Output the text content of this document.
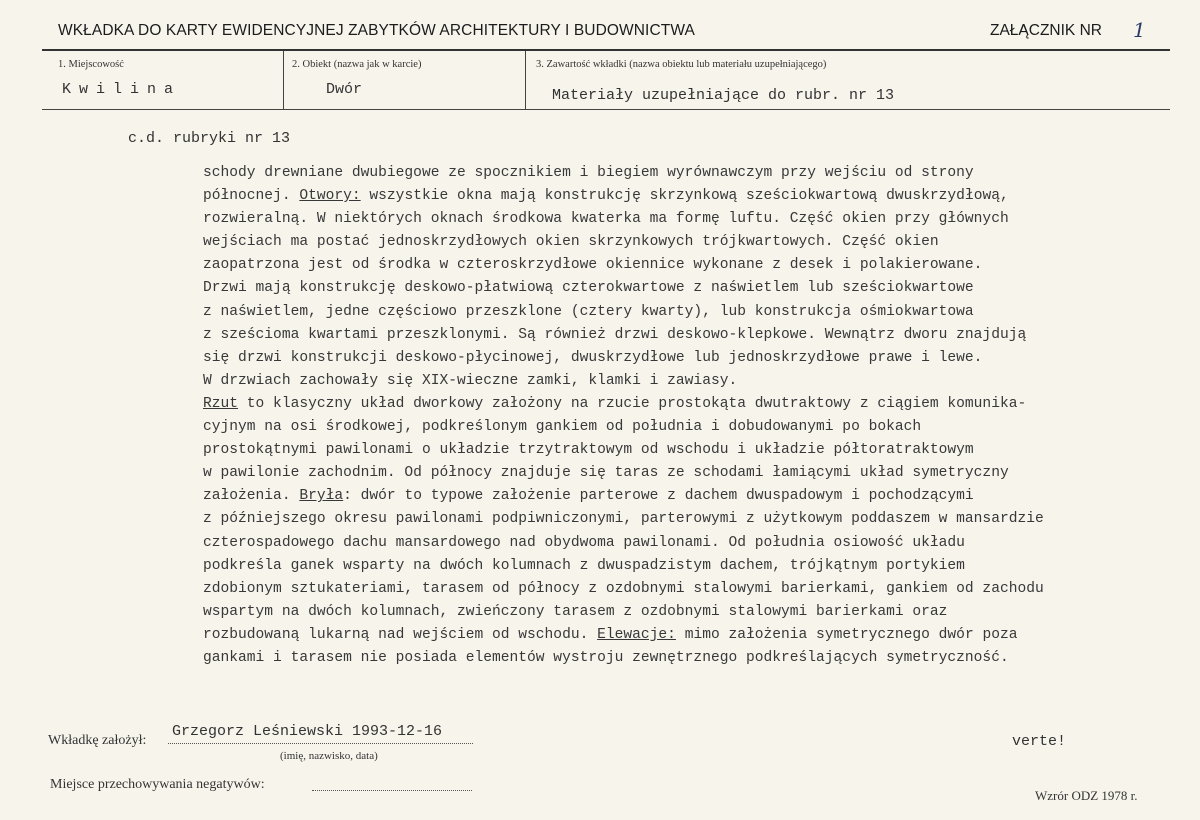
WKŁADKA DO KARTY EWIDENCYJNEJ ZABYTKÓW ARCHITEKTURY I BUDOWNICTWA	ZAŁĄCZNIK NR 1
1. Miejscowość
Kwilina
2. Obiekt (nazwa jak w karcie)
Dwór
3. Zawartość wkładki (nazwa obiektu lub materiału uzupełniającego)
Materiały uzupełniające do rubr. nr 13
c.d. rubryki nr 13
schody drewniane dwubiegowe ze spocznikiem i biegiem wyrównawczym przy wejściu od strony
północnej. Otwory: wszystkie okna mają konstrukcję skrzynkową sześciokwartową dwuskrzydłową,
rozwieralną. W niektórych oknach środkowa kwaterka ma formę luftu. Część okien przy głównych
wejściach ma postać jednoskrzydłowych okien skrzynkowych trójkwartowych. Część okien
zaopatrzona jest od środka w czteroskrzydłowe okiennice wykonane z desek i polakierowane.
Drzwi mają konstrukcję deskowo-płatwiową czterokwartowe z naświetlem lub sześciokwartowe
z naświetlem, jedne częściowo przeszklone (cztery kwarty), lub konstrukcja ośmiokwartowa
z sześcioma kwartami przeszklonymi. Są również drzwi deskowo-klepkowe. Wewnątrz dworu znajdują
się drzwi konstrukcji deskowo-płycinowej, dwuskrzydłowe lub jednoskrzydłowe prawe i lewe.
W drzwiach zachowały się XIX-wieczne zamki, klamki i zawiasy.
Rzut to klasyczny układ dworkowy założony na rzucie prostokąta dwutraktowy z ciągiem komunika-
cyjnym na osi środkowej, podkreślonym gankiem od południa i dobudowanymi po bokach
prostokątnymi pawilonami o układzie trzytraktowym od wschodu i układzie półtoratraktowym
w pawilonie zachodnim. Od północy znajduje się taras ze schodami łamiącymi układ symetryczny
założenia. Bryła: dwór to typowe założenie parterowe z dachem dwuspadowym i pochodzącymi
z późniejszego okresu pawilonami podpiwniczonymi, parterowymi z użytkowym poddaszem w mansardzie
czterospadowego dachu mansardowego nad obydwoma pawilonami. Od południa osiowość układu
podkreśla ganek wsparty na dwóch kolumnach z dwuspadzistym dachem, trójkątnym portykiem
zdobionym sztukateriami, tarasem od północy z ozdobnymi stalowymi barierkami, gankiem od zachodu
wspartym na dwóch kolumnach, zwieńczony tarasem z ozdobnymi stalowymi barierkami oraz
rozbudowaną lukarną nad wejściem od wschodu. Elewacje: mimo założenia symetrycznego dwór poza
gankami i tarasem nie posiada elementów wystroju zewnętrznego podkreślających symetryczność.
Wkładkę założył:
Grzegorz Leśniewski 1993-12-16
(imię, nazwisko, data)
verte!
Miejsce przechowywania negatywów:
Wzrór ODZ 1978 r.
